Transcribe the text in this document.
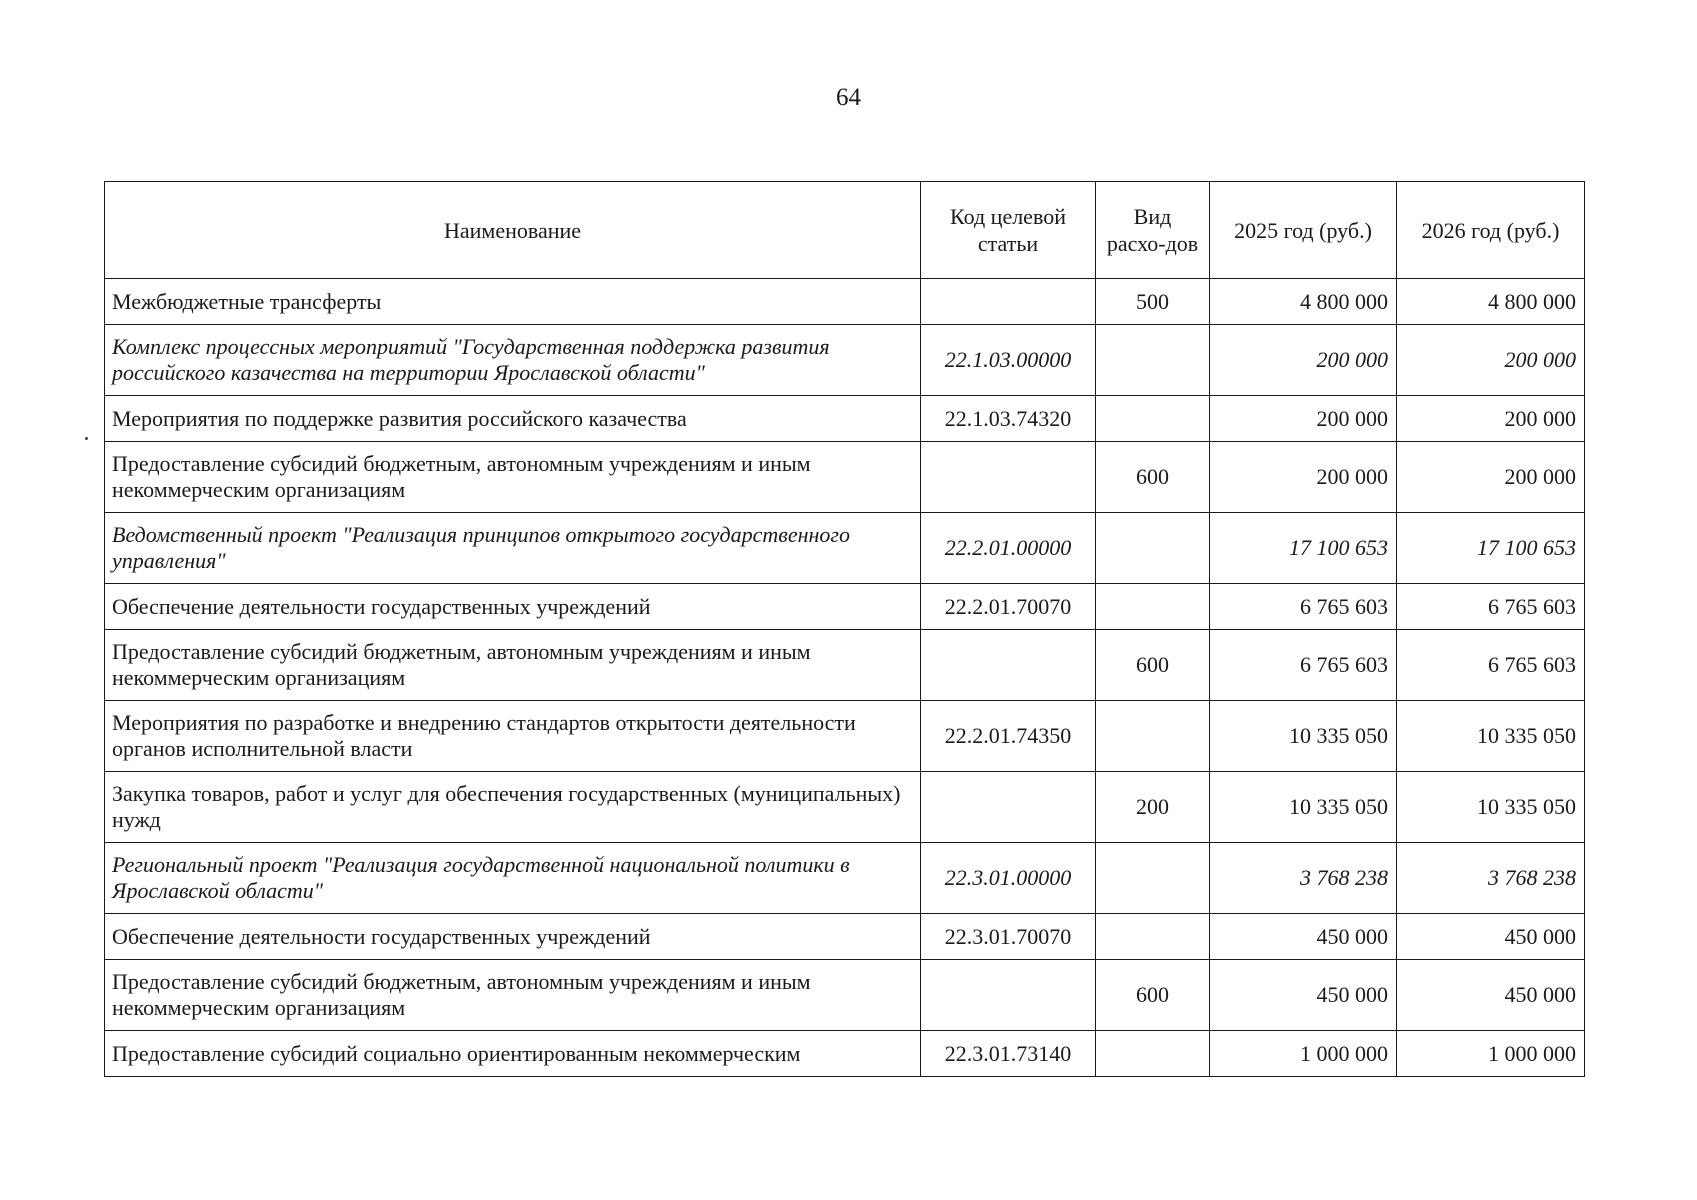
64
Наименование	Код целевой статьи	Вид расхо-дов	2025 год (руб.)	2026 год (руб.)
Межбюджетные трансферты		500	4 800 000	4 800 000
Комплекс процессных мероприятий "Государственная поддержка развития российского казачества на территории Ярославской области"	22.1.03.00000		200 000	200 000
Мероприятия по поддержке развития российского казачества	22.1.03.74320		200 000	200 000
Предоставление субсидий бюджетным, автономным учреждениям и иным некоммерческим организациям		600	200 000	200 000
Ведомственный проект "Реализация принципов открытого государственного управления"	22.2.01.00000		17 100 653	17 100 653
Обеспечение деятельности государственных учреждений	22.2.01.70070		6 765 603	6 765 603
Предоставление субсидий бюджетным, автономным учреждениям и иным некоммерческим организациям		600	6 765 603	6 765 603
Мероприятия по разработке и внедрению стандартов открытости деятельности органов исполнительной власти	22.2.01.74350		10 335 050	10 335 050
Закупка товаров, работ и услуг для обеспечения государственных (муниципальных) нужд		200	10 335 050	10 335 050
Региональный проект "Реализация государственной национальной политики в Ярославской области"	22.3.01.00000		3 768 238	3 768 238
Обеспечение деятельности государственных учреждений	22.3.01.70070		450 000	450 000
Предоставление субсидий бюджетным, автономным учреждениям и иным некоммерческим организациям		600	450 000	450 000
Предоставление субсидий социально ориентированным некоммерческим	22.3.01.73140		1 000 000	1 000 000
